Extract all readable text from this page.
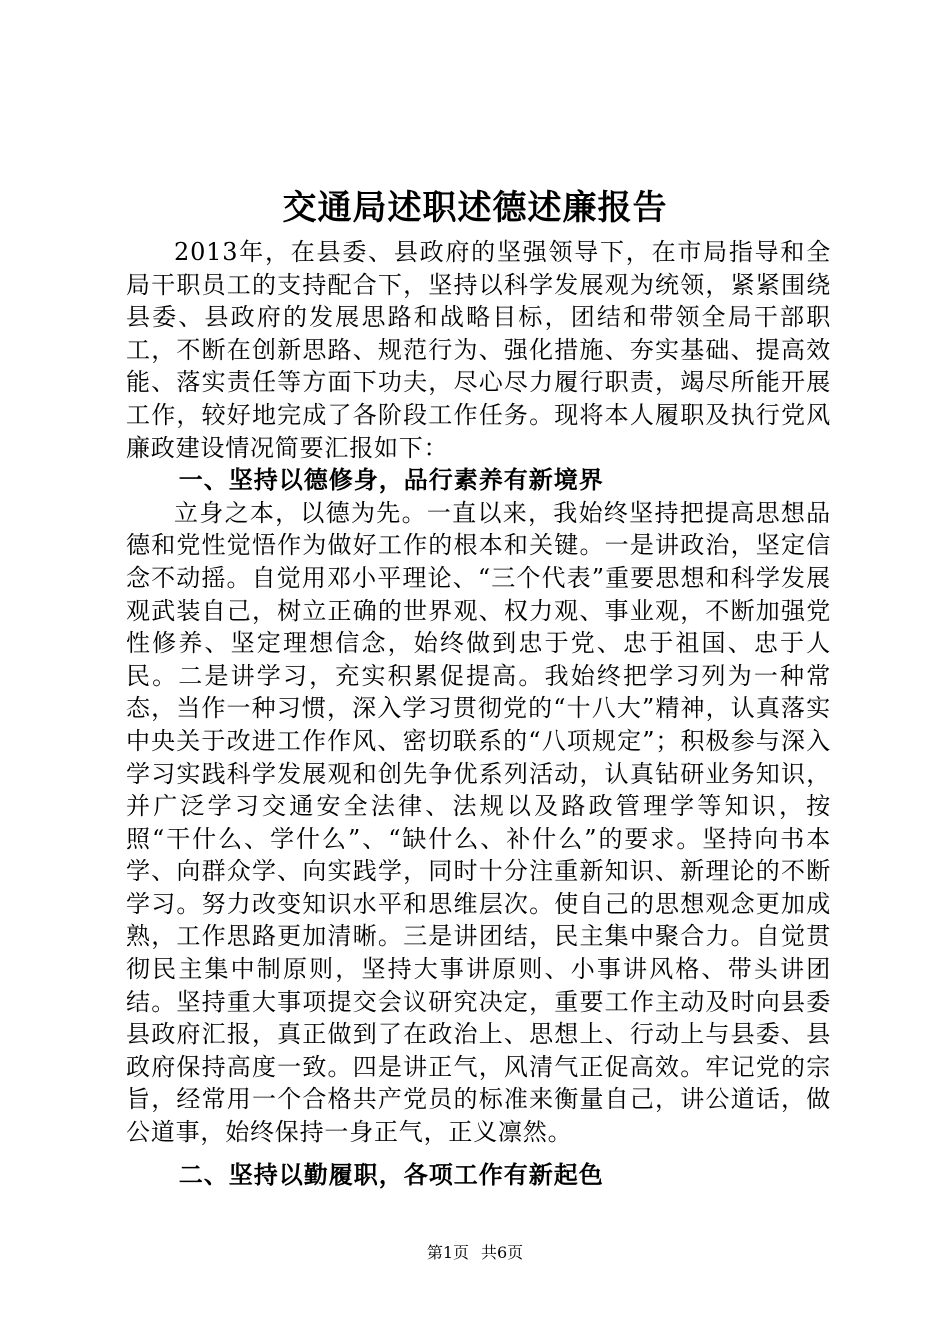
交通局述职述德述廉报告

2013年，在县委、县政府的坚强领导下，在市局指导和全局干职员工的支持配合下，坚持以科学发展观为统领，紧紧围绕县委、县政府的发展思路和战略目标，团结和带领全局干部职工，不断在创新思路、规范行为、强化措施、夯实基础、提高效能、落实责任等方面下功夫，尽心尽力履行职责，竭尽所能开展工作，较好地完成了各阶段工作任务。现将本人履职及执行党风廉政建设情况简要汇报如下：

一、坚持以德修身，品行素养有新境界

立身之本，以德为先。一直以来，我始终坚持把提高思想品德和党性觉悟作为做好工作的根本和关键。一是讲政治，坚定信念不动摇。自觉用邓小平理论、“三个代表”重要思想和科学发展观武装自己，树立正确的世界观、权力观、事业观，不断加强党性修养、坚定理想信念，始终做到忠于党、忠于祖国、忠于人民。二是讲学习，充实积累促提高。我始终把学习列为一种常态，当作一种习惯，深入学习贯彻党的“十八大”精神，认真落实中央关于改进工作作风、密切联系的“八项规定”；积极参与深入学习实践科学发展观和创先争优系列活动，认真钻研业务知识，并广泛学习交通安全法律、法规以及路政管理学等知识，按照“干什么、学什么”、“缺什么、补什么”的要求。坚持向书本学、向群众学、向实践学，同时十分注重新知识、新理论的不断学习。努力改变知识水平和思维层次。使自己的思想观念更加成熟，工作思路更加清晰。三是讲团结，民主集中聚合力。自觉贯彻民主集中制原则，坚持大事讲原则、小事讲风格、带头讲团结。坚持重大事项提交会议研究决定，重要工作主动及时向县委县政府汇报，真正做到了在政治上、思想上、行动上与县委、县政府保持高度一致。四是讲正气，风清气正促高效。牢记党的宗旨，经常用一个合格共产党员的标准来衡量自己，讲公道话，做公道事，始终保持一身正气，正义凛然。

二、坚持以勤履职，各项工作有新起色

第1页 共6页
